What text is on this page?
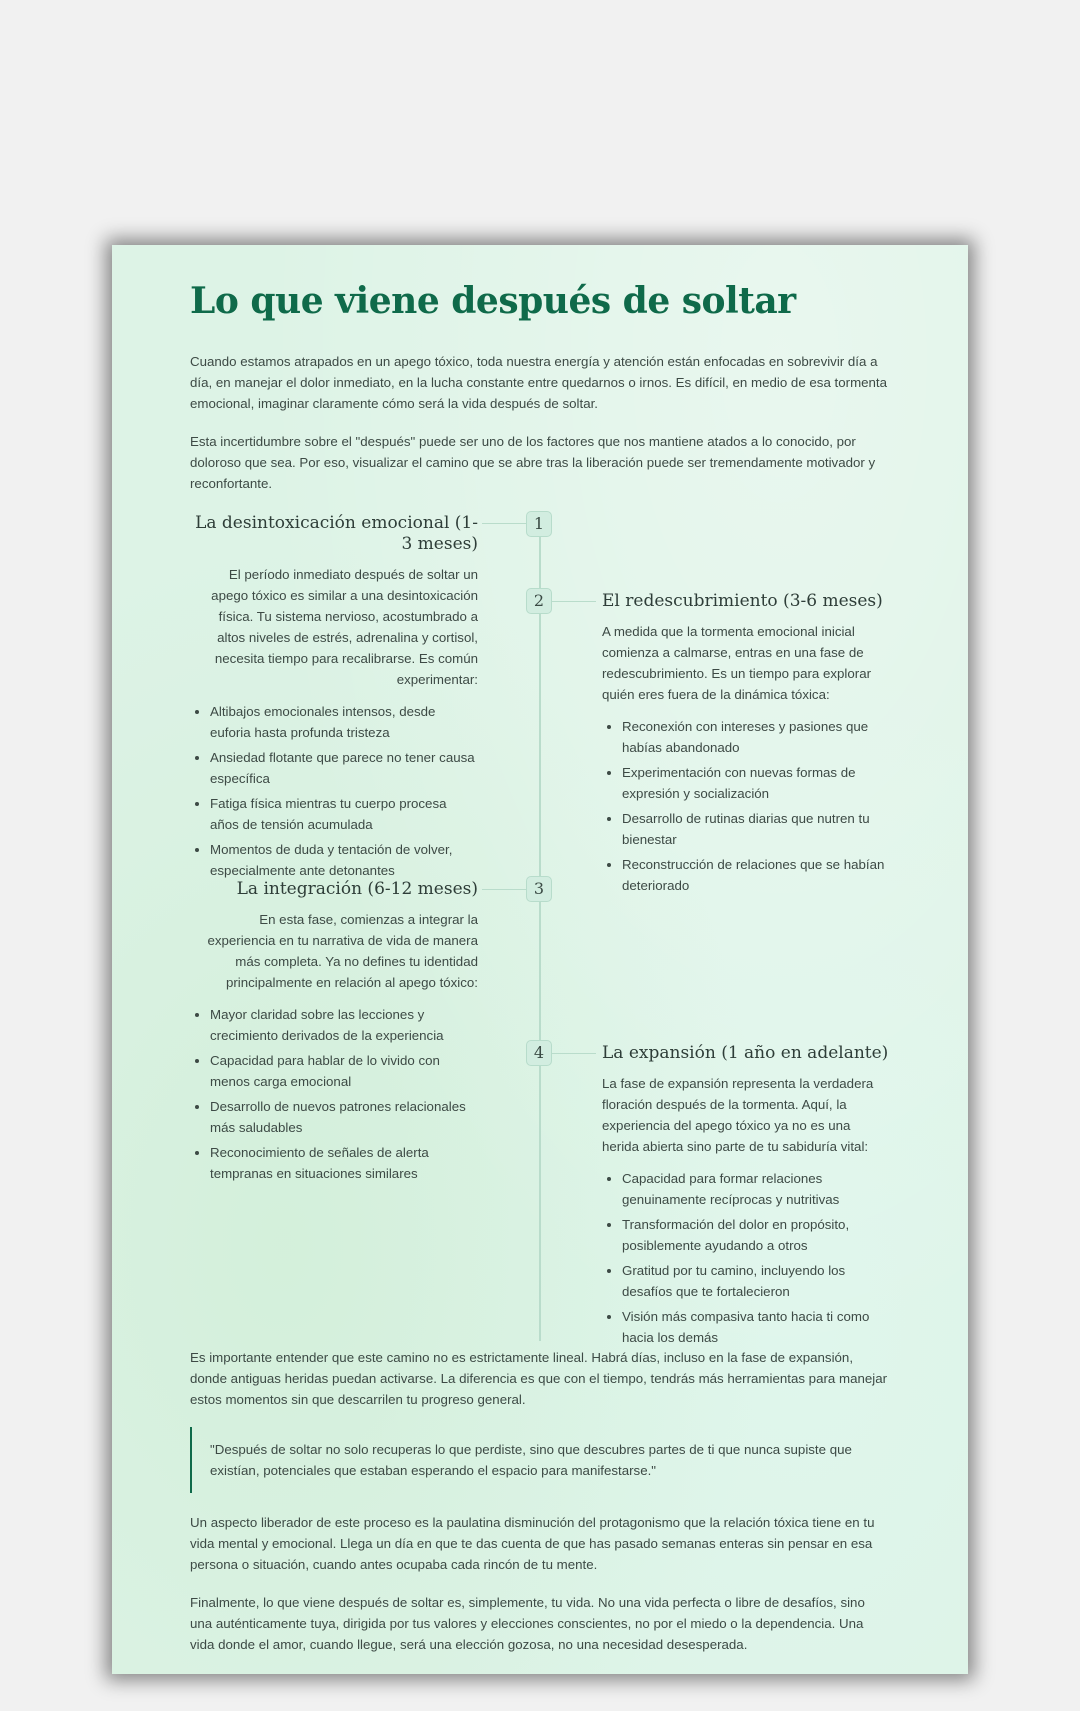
Lo que viene después de soltar

Cuando estamos atrapados en un apego tóxico, toda nuestra energía y atención están enfocadas en sobrevivir día a día, en manejar el dolor inmediato, en la lucha constante entre quedarnos o irnos. Es difícil, en medio de esa tormenta emocional, imaginar claramente cómo será la vida después de soltar.

Esta incertidumbre sobre el "después" puede ser uno de los factores que nos mantiene atados a lo conocido, por doloroso que sea. Por eso, visualizar el camino que se abre tras la liberación puede ser tremendamente motivador y reconfortante.

1
La desintoxicación emocional (1-3 meses)

El período inmediato después de soltar un apego tóxico es similar a una desintoxicación física. Tu sistema nervioso, acostumbrado a altos niveles de estrés, adrenalina y cortisol, necesita tiempo para recalibrarse. Es común experimentar:

• Altibajos emocionales intensos, desde euforia hasta profunda tristeza
• Ansiedad flotante que parece no tener causa específica
• Fatiga física mientras tu cuerpo procesa años de tensión acumulada
• Momentos de duda y tentación de volver, especialmente ante detonantes
2	El redescubrimiento (3-6 meses)

A medida que la tormenta emocional inicial comienza a calmarse, entras en una fase de redescubrimiento. Es un tiempo para explorar quién eres fuera de la dinámica tóxica:

• Reconexión con intereses y pasiones que habías abandonado
• Experimentación con nuevas formas de expresión y socialización
• Desarrollo de rutinas diarias que nutren tu bienestar
• Reconstrucción de relaciones que se habían deteriorado
3
La integración (6-12 meses)

En esta fase, comienzas a integrar la experiencia en tu narrativa de vida de manera más completa. Ya no defines tu identidad principalmente en relación al apego tóxico:

• Mayor claridad sobre las lecciones y crecimiento derivados de la experiencia
• Capacidad para hablar de lo vivido con menos carga emocional
• Desarrollo de nuevos patrones relacionales más saludables
• Reconocimiento de señales de alerta tempranas en situaciones similares
4	La expansión (1 año en adelante)

La fase de expansión representa la verdadera floración después de la tormenta. Aquí, la experiencia del apego tóxico ya no es una herida abierta sino parte de tu sabiduría vital:

• Capacidad para formar relaciones genuinamente recíprocas y nutritivas
• Transformación del dolor en propósito, posiblemente ayudando a otros
• Gratitud por tu camino, incluyendo los desafíos que te fortalecieron
• Visión más compasiva tanto hacia ti como hacia los demás

Es importante entender que este camino no es estrictamente lineal. Habrá días, incluso en la fase de expansión, donde antiguas heridas puedan activarse. La diferencia es que con el tiempo, tendrás más herramientas para manejar estos momentos sin que descarrilen tu progreso general.

"Después de soltar no solo recuperas lo que perdiste, sino que descubres partes de ti que nunca supiste que existían, potenciales que estaban esperando el espacio para manifestarse."

Un aspecto liberador de este proceso es la paulatina disminución del protagonismo que la relación tóxica tiene en tu vida mental y emocional. Llega un día en que te das cuenta de que has pasado semanas enteras sin pensar en esa persona o situación, cuando antes ocupaba cada rincón de tu mente.

Finalmente, lo que viene después de soltar es, simplemente, tu vida. No una vida perfecta o libre de desafíos, sino una auténticamente tuya, dirigida por tus valores y elecciones conscientes, no por el miedo o la dependencia. Una vida donde el amor, cuando llegue, será una elección gozosa, no una necesidad desesperada.
